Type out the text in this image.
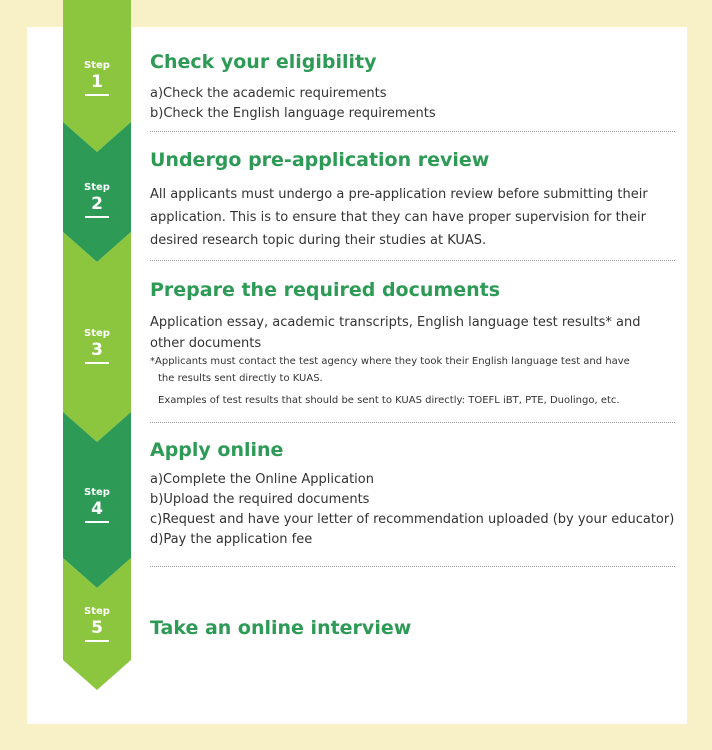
Step
1
Step
2
Step
3
Step
4
Step
5
Check your eligibility
a)Check the academic requirements
b)Check the English language requirements
Undergo pre-application review
All applicants must undergo a pre-application review before submitting their application. This is to ensure that they can have proper supervision for their desired research topic during their studies at KUAS.
Prepare the required documents
Application essay, academic transcripts, English language test results* and other documents
*Applicants must contact the test agency where they took their English language test and have
the results sent directly to KUAS.
Examples of test results that should be sent to KUAS directly: TOEFL iBT, PTE, Duolingo, etc.
Apply online
a)Complete the Online Application
b)Upload the required documents
c)Request and have your letter of recommendation uploaded (by your educator)
d)Pay the application fee
Take an online interview
